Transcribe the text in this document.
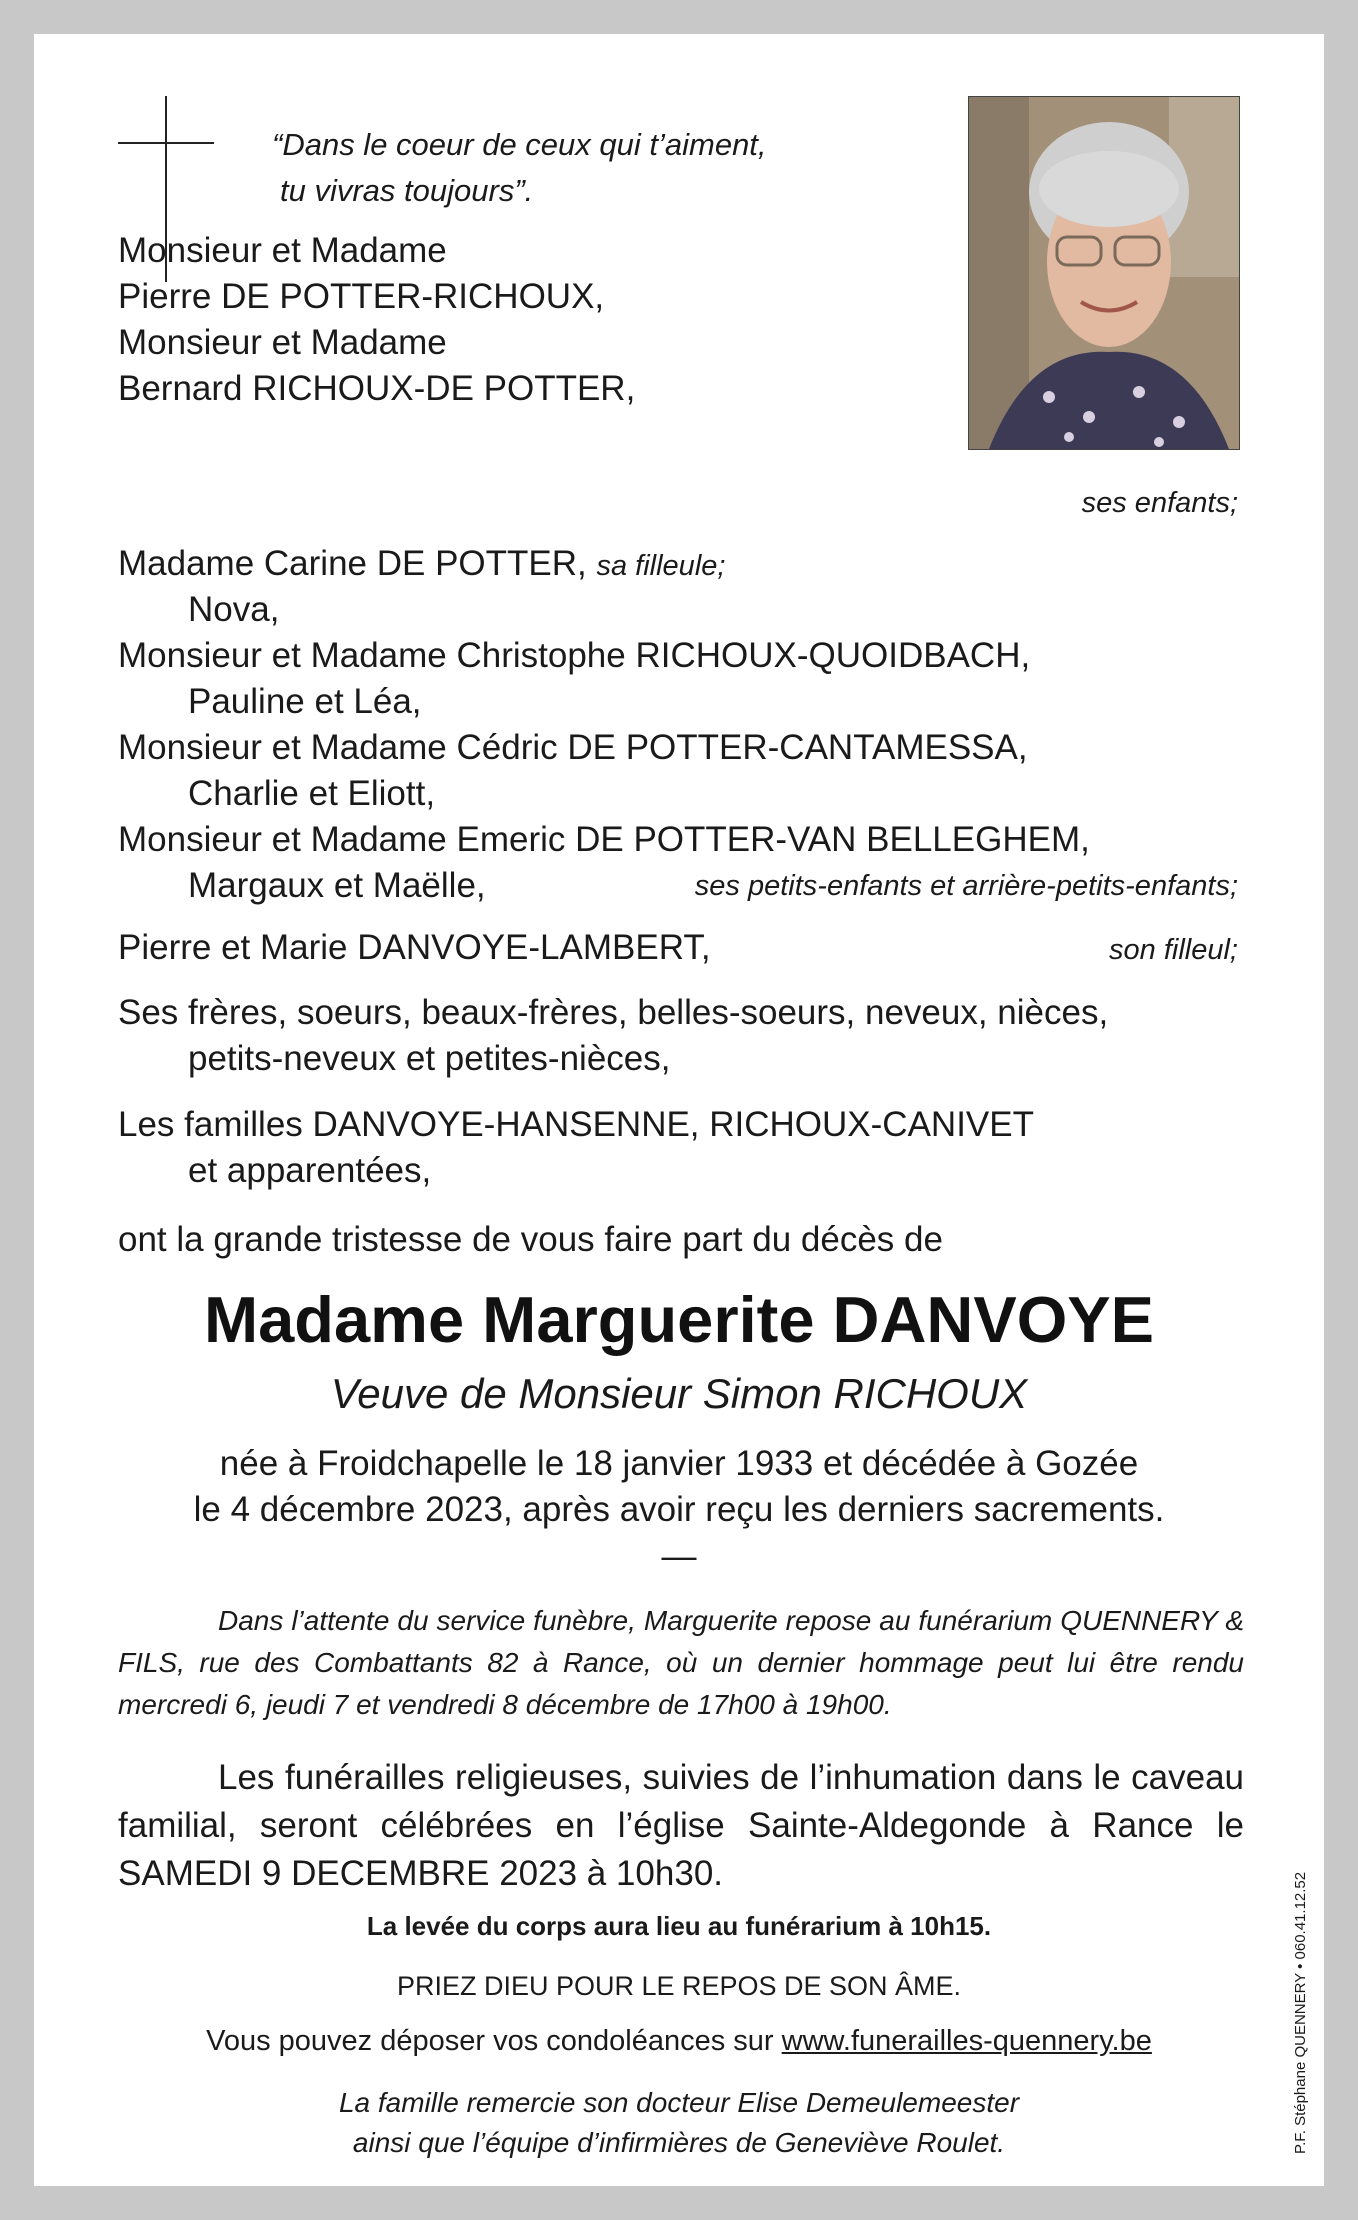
“Dans le coeur de ceux qui t’aiment,
tu vivras toujours”.
Monsieur et Madame
Pierre DE POTTER-RICHOUX,
Monsieur et Madame
Bernard RICHOUX-DE POTTER,
ses enfants;
Madame Carine DE POTTER, sa filleule;
Nova,
Monsieur et Madame Christophe RICHOUX-QUOIDBACH,
Pauline et Léa,
Monsieur et Madame Cédric DE POTTER-CANTAMESSA,
Charlie et Eliott,
Monsieur et Madame Emeric DE POTTER-VAN BELLEGHEM,
Margaux et Maëlle,	ses petits-enfants et arrière-petits-enfants;
Pierre et Marie DANVOYE-LAMBERT,	son filleul;
Ses frères, soeurs, beaux-frères, belles-soeurs, neveux, nièces,
petits-neveux et petites-nièces,
Les familles DANVOYE-HANSENNE, RICHOUX-CANIVET
et apparentées,
ont la grande tristesse de vous faire part du décès de
Madame Marguerite DANVOYE
Veuve de Monsieur Simon RICHOUX
née à Froidchapelle le 18 janvier 1933 et décédée à Gozée
le 4 décembre 2023, après avoir reçu les derniers sacrements.
—
Dans l’attente du service funèbre, Marguerite repose au funérarium QUENNERY & FILS, rue des Combattants 82 à Rance, où un dernier hommage peut lui être rendu mercredi 6, jeudi 7 et vendredi 8 décembre de 17h00 à 19h00.
Les funérailles religieuses, suivies de l’inhumation dans le caveau familial, seront célébrées en l’église Sainte-Aldegonde à Rance le SAMEDI 9 DECEMBRE 2023 à 10h30.
La levée du corps aura lieu au funérarium à 10h15.
PRIEZ DIEU POUR LE REPOS DE SON ÂME.
Vous pouvez déposer vos condoléances sur www.funerailles-quennery.be
La famille remercie son docteur Elise Demeulemeester
ainsi que l’équipe d’infirmières de Geneviève Roulet.	P.F. Stéphane QUENNERY • 060.41.12.52
